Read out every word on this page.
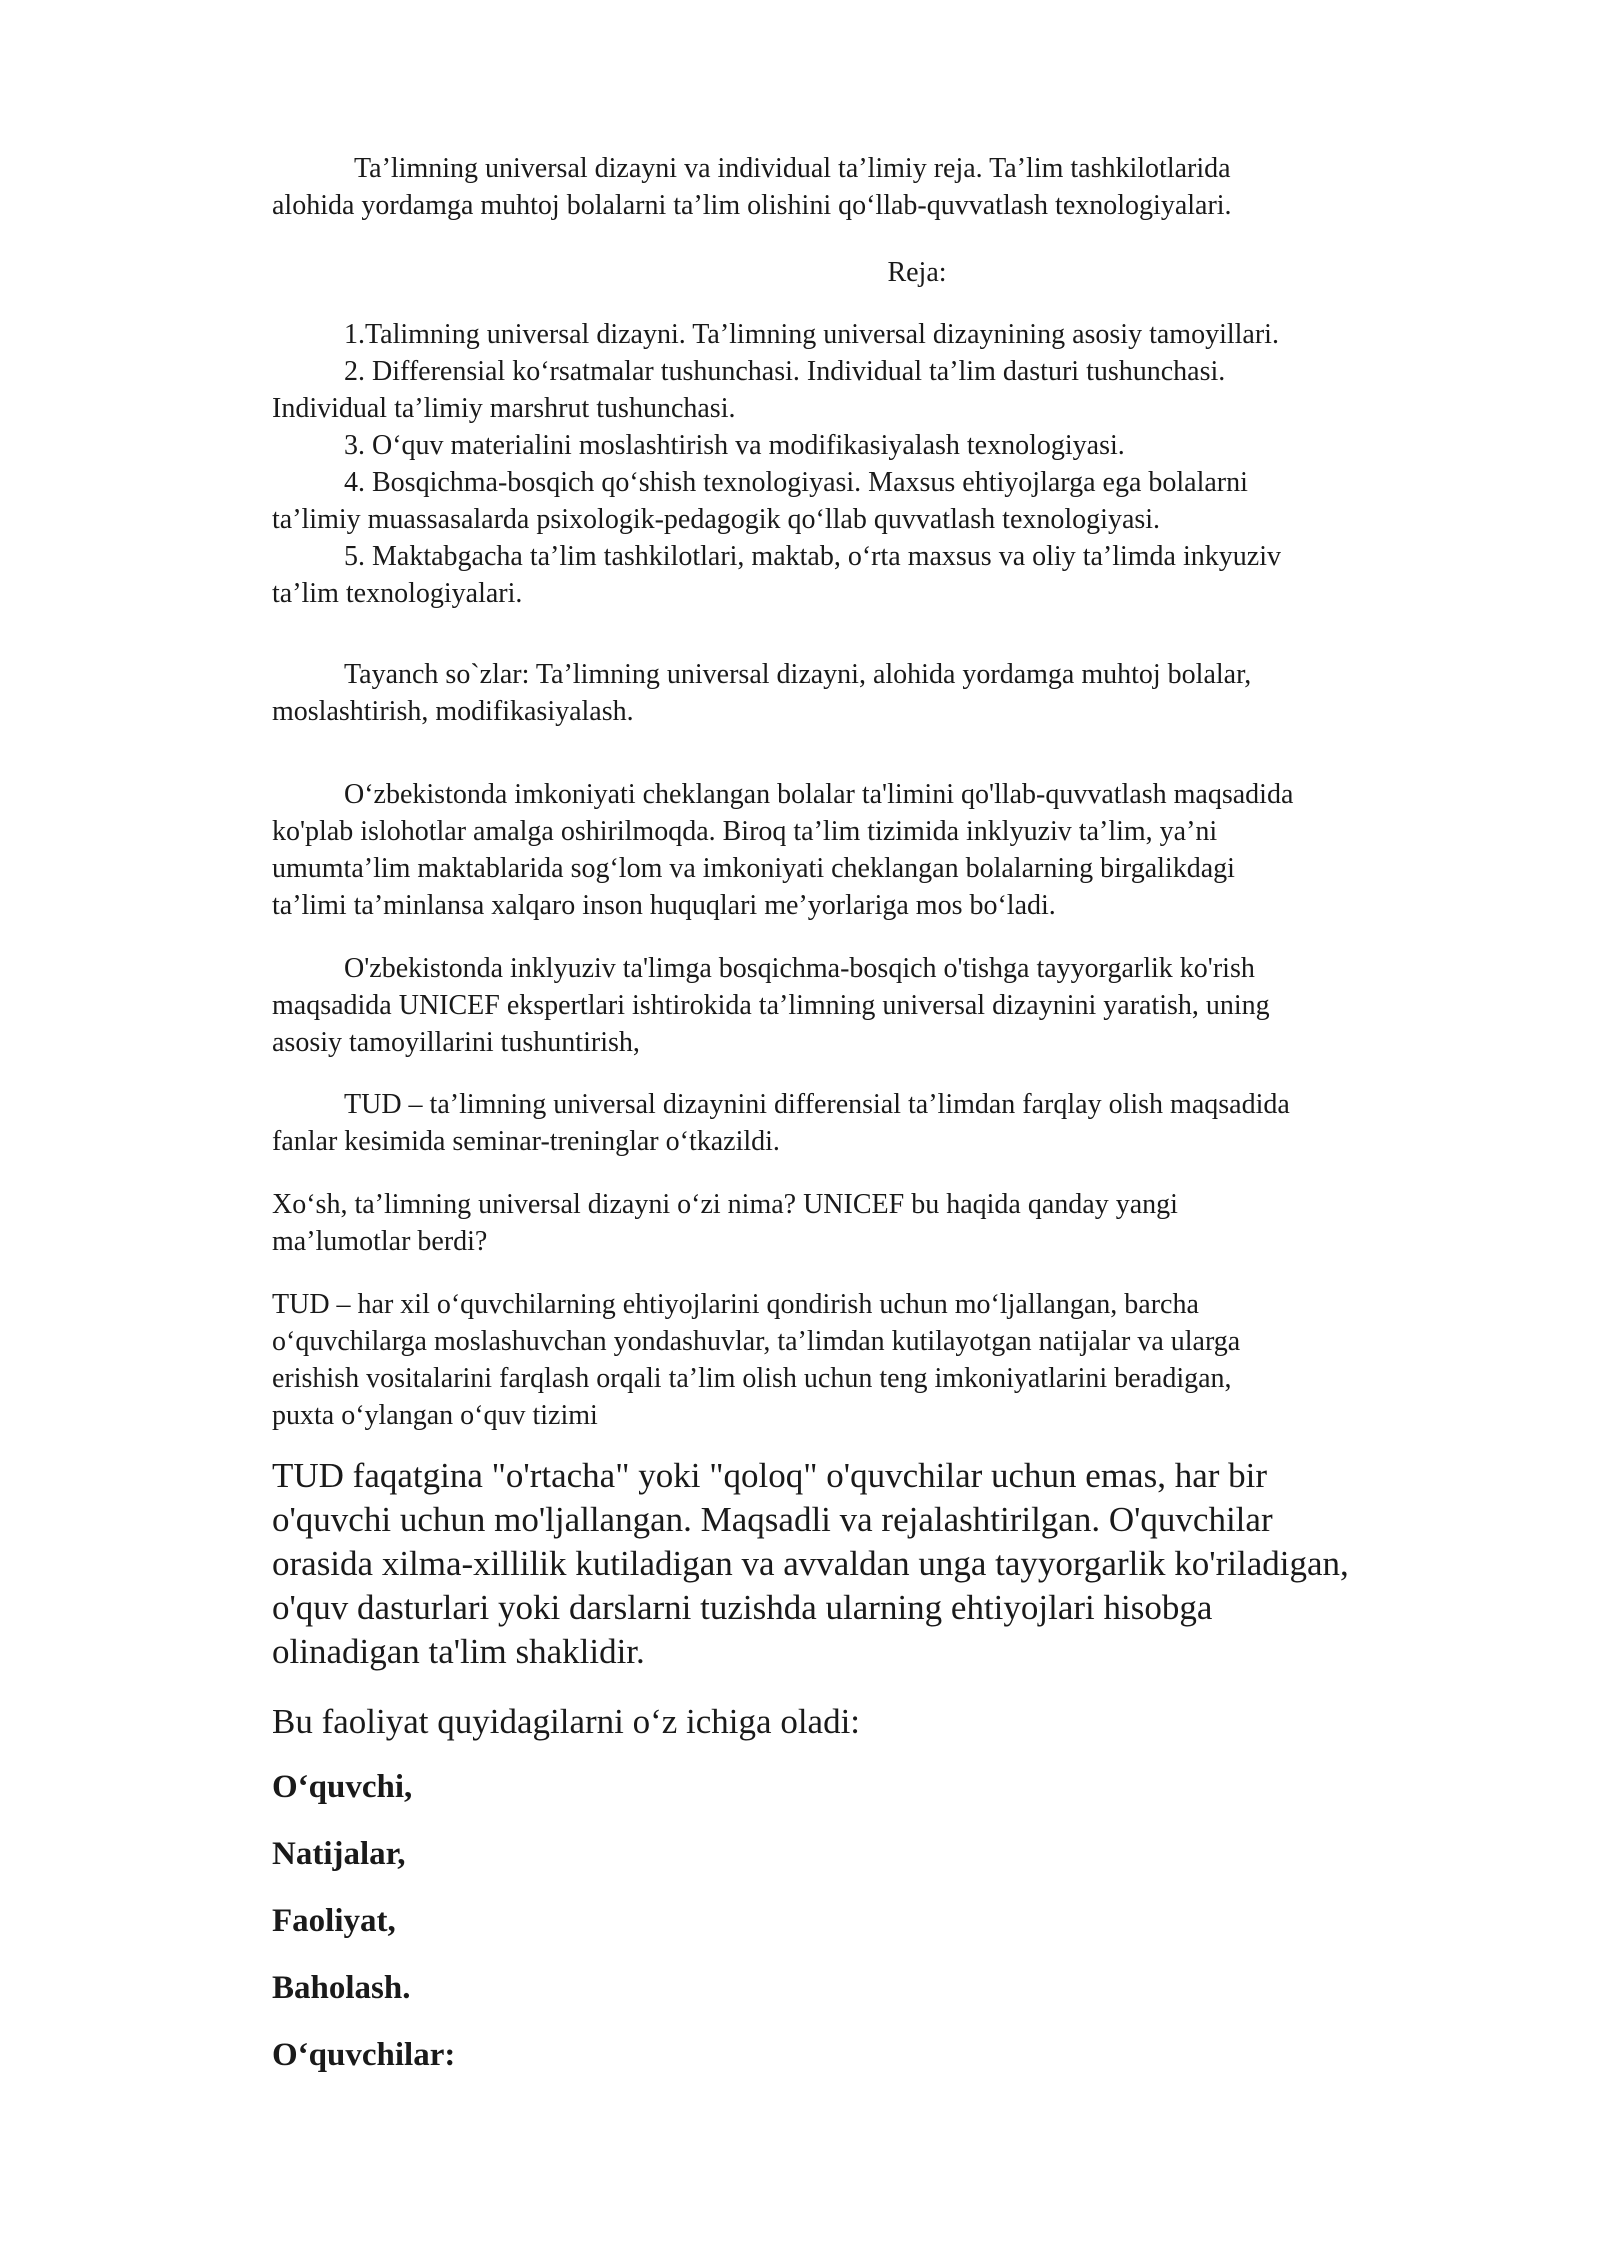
Ta’limning universal dizayni va individual ta’limiy reja. Ta’lim tashkilotlarida
alohida yordamga muhtoj bolalarni ta’lim olishini qo‘llab-quvvatlash texnologiyalari.
Reja:
1.Talimning universal dizayni. Ta’limning universal dizaynining asosiy tamoyillari.
2. Differensial ko‘rsatmalar tushunchasi. Individual ta’lim dasturi tushunchasi.
Individual ta’limiy marshrut tushunchasi.
3. O‘quv materialini moslashtirish va modifikasiyalash texnologiyasi.
4. Bosqichma-bosqich qo‘shish texnologiyasi. Maxsus ehtiyojlarga ega bolalarni
ta’limiy muassasalarda psixologik-pedagogik qo‘llab quvvatlash texnologiyasi.
5. Maktabgacha ta’lim tashkilotlari, maktab, o‘rta maxsus va oliy ta’limda inkyuziv
ta’lim texnologiyalari.
Tayanch so`zlar: Ta’limning universal dizayni, alohida yordamga muhtoj bolalar,
moslashtirish, modifikasiyalash.
O‘zbekistonda imkoniyati cheklangan bolalar ta'limini qo'llab-quvvatlash maqsadida
ko'plab islohotlar amalga oshirilmoqda. Biroq ta’lim tizimida inklyuziv ta’lim, ya’ni
umumta’lim maktablarida sog‘lom va imkoniyati cheklangan bolalarning birgalikdagi
ta’limi ta’minlansa xalqaro inson huquqlari me’yorlariga mos bo‘ladi.
O'zbekistonda inklyuziv ta'limga bosqichma-bosqich o'tishga tayyorgarlik ko'rish
maqsadida UNICEF ekspertlari ishtirokida ta’limning universal dizaynini yaratish, uning
asosiy tamoyillarini tushuntirish,
TUD – ta’limning universal dizaynini differensial ta’limdan farqlay olish maqsadida
fanlar kesimida seminar-treninglar o‘tkazildi.
Xo‘sh, ta’limning universal dizayni o‘zi nima? UNICEF bu haqida qanday yangi
ma’lumotlar berdi?
TUD – har xil o‘quvchilarning ehtiyojlarini qondirish uchun mo‘ljallangan, barcha
o‘quvchilarga moslashuvchan yondashuvlar, ta’limdan kutilayotgan natijalar va ularga
erishish vositalarini farqlash orqali ta’lim olish uchun teng imkoniyatlarini beradigan,
puxta o‘ylangan o‘quv tizimi
TUD faqatgina "o'rtacha" yoki "qoloq" o'quvchilar uchun emas, har bir
o'quvchi uchun mo'ljallangan. Maqsadli va rejalashtirilgan. O'quvchilar
orasida xilma-xillilik kutiladigan va avvaldan unga tayyorgarlik ko'riladigan,
o'quv dasturlari yoki darslarni tuzishda ularning ehtiyojlari hisobga
olinadigan ta'lim shaklidir.
Bu faoliyat quyidagilarni o‘z ichiga oladi:
O‘quvchi,
Natijalar,
Faoliyat,
Baholash.
O‘quvchilar:
